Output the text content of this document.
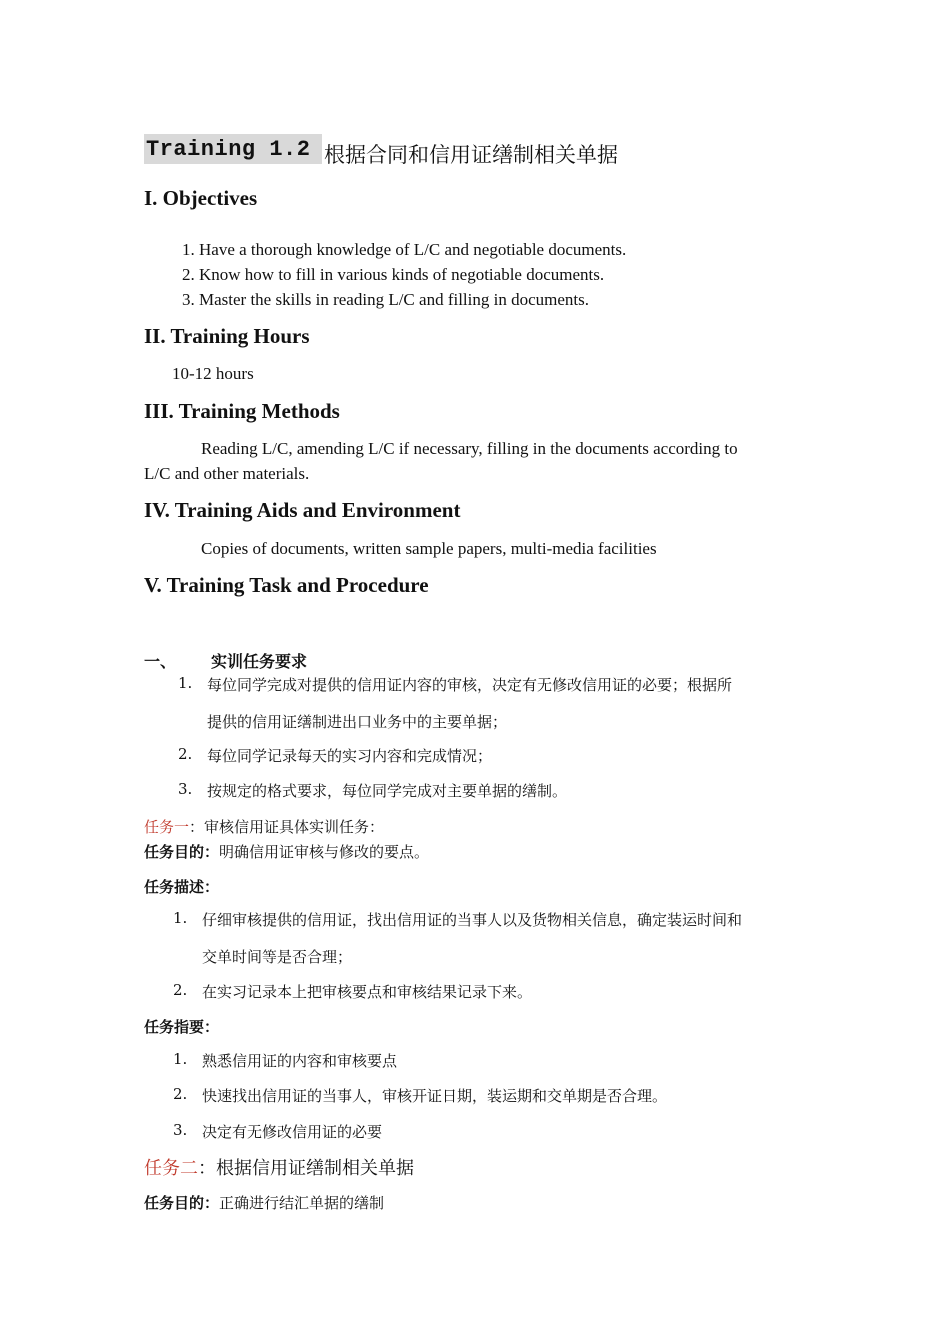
Training 1.2 根据合同和信用证缮制相关单据
I. Objectives
1. Have a thorough knowledge of L/C and negotiable documents.
2. Know how to fill in various kinds of negotiable documents.
3. Master the skills in reading L/C and filling in documents.
II. Training Hours
10-12 hours
III. Training Methods
Reading L/C, amending L/C if necessary, filling in the documents according to
L/C and other materials.
IV. Training Aids and Environment
Copies of documents, written sample papers, multi-media facilities
V. Training Task and Procedure
一、 实训任务要求
1. 每位同学完成对提供的信用证内容的审核，决定有无修改信用证的必要；根据所
提供的信用证缮制进出口业务中的主要单据；
2. 每位同学记录每天的实习内容和完成情况；
3. 按规定的格式要求，每位同学完成对主要单据的缮制。
任务一：审核信用证具体实训任务：
任务目的：明确信用证审核与修改的要点。
任务描述：
1. 仔细审核提供的信用证，找出信用证的当事人以及货物相关信息，确定装运时间和
交单时间等是否合理；
2. 在实习记录本上把审核要点和审核结果记录下来。
任务指要：
1. 熟悉信用证的内容和审核要点
2. 快速找出信用证的当事人，审核开证日期，装运期和交单期是否合理。
3. 决定有无修改信用证的必要
任务二：根据信用证缮制相关单据
任务目的：正确进行结汇单据的缮制
